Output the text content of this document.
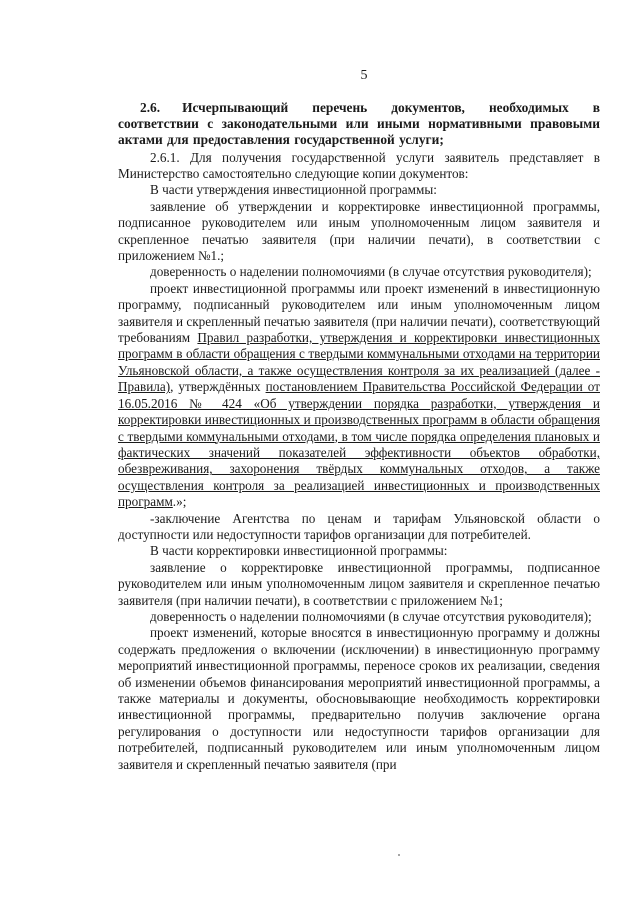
5
2.6. Исчерпывающий перечень документов, необходимых в соответствии с законодательными или иными нормативными правовыми актами для предоставления государственной услуги;

2.6.1. Для получения государственной услуги заявитель представляет в Министерство самостоятельно следующие копии документов:

В части утверждения инвестиционной программы:

заявление об утверждении и корректировке инвестиционной программы, подписанное руководителем или иным уполномоченным лицом заявителя и скрепленное печатью заявителя (при наличии печати), в соответствии с приложением №1.;

доверенность о наделении полномочиями (в случае отсутствия руководителя);

проект инвестиционной программы или проект изменений в инвестиционную программу, подписанный руководителем или иным уполномоченным лицом заявителя и скрепленный печатью заявителя (при наличии печати), соответствующий требованиям Правил разработки, утверждения и корректировки инвестиционных программ в области обращения с твердыми коммунальными отходами на территории Ульяновской области, а также осуществления контроля за их реализацией (далее - Правила), утверждённых постановлением Правительства Российской Федерации от 16.05.2016 № 424 «Об утверждении порядка разработки, утверждения и корректировки инвестиционных и производственных программ в области обращения с твердыми коммунальными отходами, в том числе порядка определения плановых и фактических значений показателей эффективности объектов обработки, обезвреживания, захоронения твёрдых коммунальных отходов, а также осуществления контроля за реализацией инвестиционных и производственных программ.»;

-заключение Агентства по ценам и тарифам Ульяновской области о доступности или недоступности тарифов организации для потребителей.

В части корректировки инвестиционной программы:

заявление о корректировке инвестиционной программы, подписанное руководителем или иным уполномоченным лицом заявителя и скрепленное печатью заявителя (при наличии печати), в соответствии с приложением №1;

доверенность о наделении полномочиями (в случае отсутствия руководителя);

проект изменений, которые вносятся в инвестиционную программу и должны содержать предложения о включении (исключении) в инвестиционную программу мероприятий инвестиционной программы, переносе сроков их реализации, сведения об изменении объемов финансирования мероприятий инвестиционной программы, а также материалы и документы, обосновывающие необходимость корректировки инвестиционной программы, предварительно получив заключение органа регулирования о доступности или недоступности тарифов организации для потребителей, подписанный руководителем или иным уполномоченным лицом заявителя и скрепленный печатью заявителя (при
